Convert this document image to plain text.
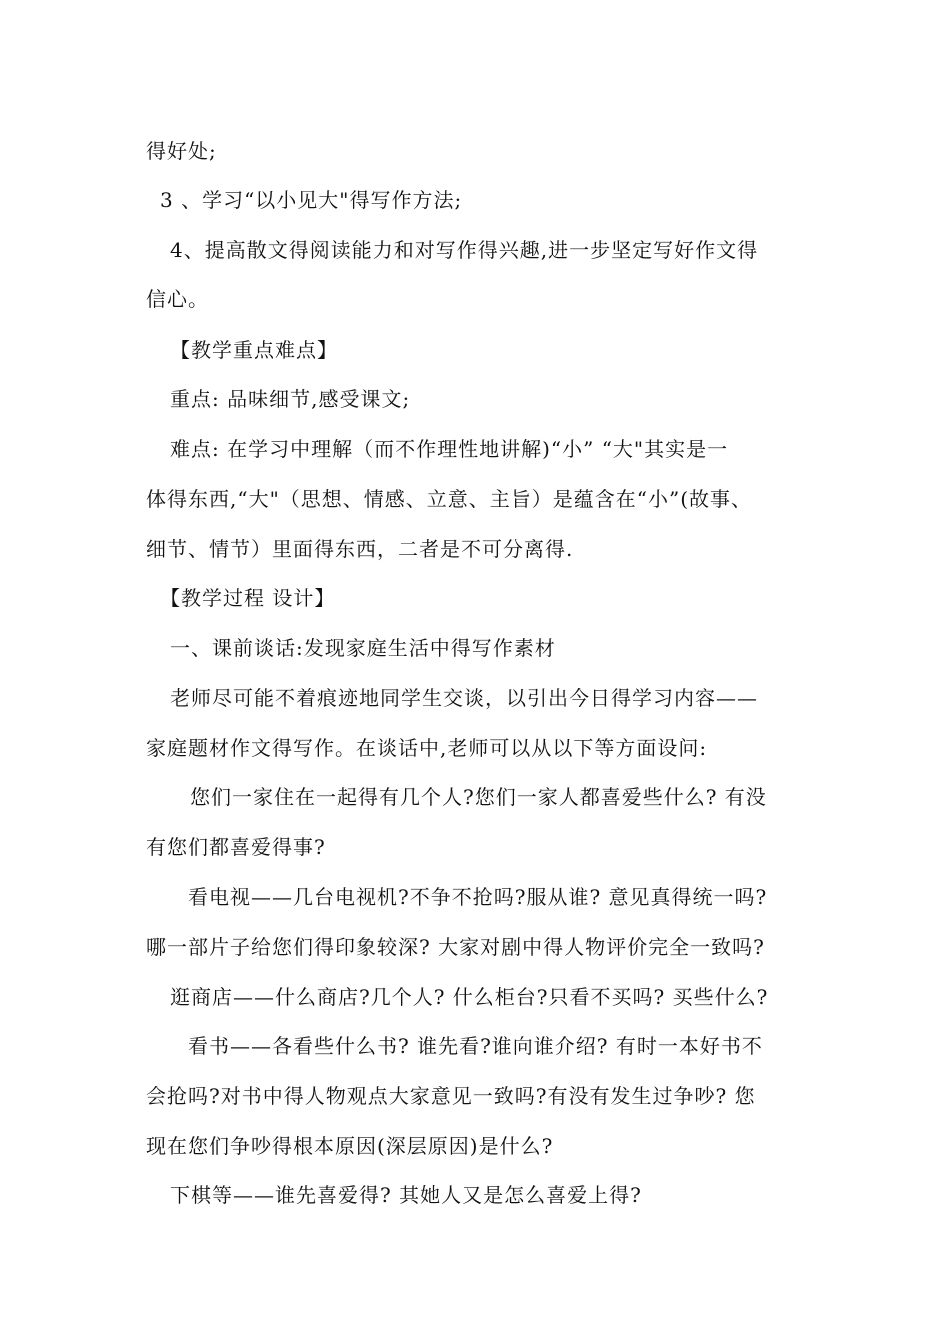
得好处;
3 、学习“以小见大"得写作方法;
4、提高散文得阅读能力和对写作得兴趣,进一步坚定写好作文得
信心。
【教学重点难点】
重点: 品味细节,感受课文;
难点: 在学习中理解（而不作理性地讲解)“小” “大"其实是一
体得东西,“大"（思想、情感、立意、主旨）是蕴含在“小”(故事、
细节、情节）里面得东西，二者是不可分离得.
【教学过程 设计】
一、课前谈话:发现家庭生活中得写作素材
老师尽可能不着痕迹地同学生交谈，以引出今日得学习内容——
家庭题材作文得写作。在谈话中,老师可以从以下等方面设问:
您们一家住在一起得有几个人?您们一家人都喜爱些什么? 有没
有您们都喜爱得事?
看电视——几台电视机?不争不抢吗?服从谁? 意见真得统一吗?
哪一部片子给您们得印象较深? 大家对剧中得人物评价完全一致吗?
逛商店——什么商店?几个人? 什么柜台?只看不买吗? 买些什么?
看书——各看些什么书? 谁先看?谁向谁介绍? 有时一本好书不
会抢吗?对书中得人物观点大家意见一致吗?有没有发生过争吵? 您
现在您们争吵得根本原因(深层原因)是什么?
下棋等——谁先喜爱得? 其她人又是怎么喜爱上得?
